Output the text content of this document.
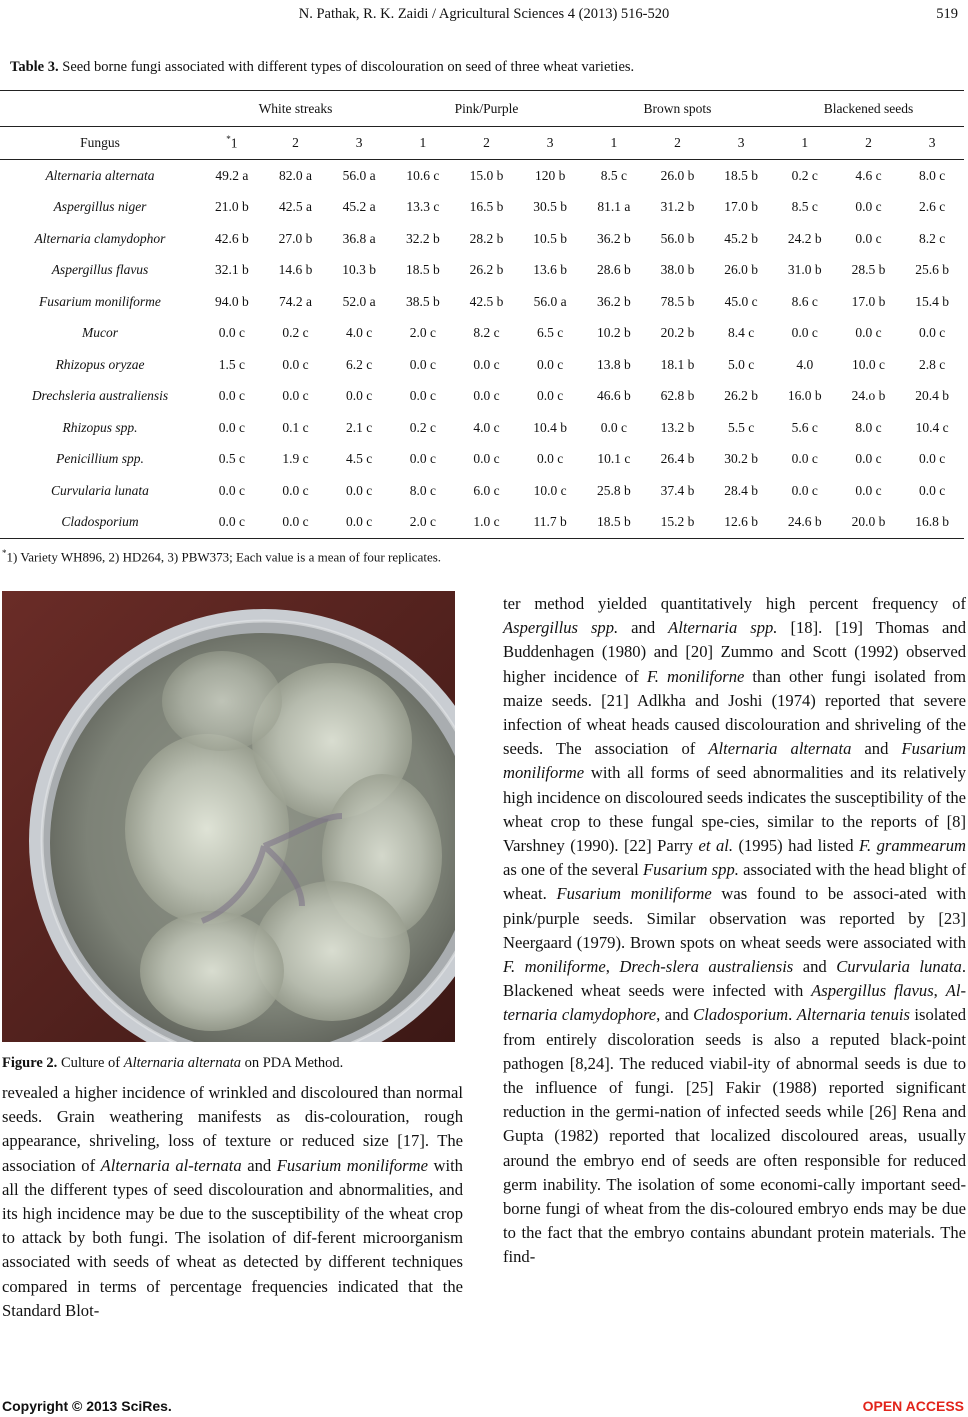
N. Pathak, R. K. Zaidi / Agricultural Sciences 4 (2013) 516-520	519
Table 3. Seed borne fungi associated with different types of discolouration on seed of three wheat varieties.
	White streaks			Pink/Purple			Brown spots			Blackened seeds		
Fungus	*1	2	3	1	2	3	1	2	3	1	2	3
Alternaria alternata	49.2 a	82.0 a	56.0 a	10.6 c	15.0 b	120 b	8.5 c	26.0 b	18.5 b	0.2 c	4.6 c	8.0 c
Aspergillus niger	21.0 b	42.5 a	45.2 a	13.3 c	16.5 b	30.5 b	81.1 a	31.2 b	17.0 b	8.5 c	0.0 c	2.6 c
Alternaria clamydophor	42.6 b	27.0 b	36.8 a	32.2 b	28.2 b	10.5 b	36.2 b	56.0 b	45.2 b	24.2 b	0.0 c	8.2 c
Aspergillus flavus	32.1 b	14.6 b	10.3 b	18.5 b	26.2 b	13.6 b	28.6 b	38.0 b	26.0 b	31.0 b	28.5 b	25.6 b
Fusarium moniliforme	94.0 b	74.2 a	52.0 a	38.5 b	42.5 b	56.0 a	36.2 b	78.5 b	45.0 c	8.6 c	17.0 b	15.4 b
Mucor	0.0 c	0.2 c	4.0 c	2.0 c	8.2 c	6.5 c	10.2 b	20.2 b	8.4 c	0.0 c	0.0 c	0.0 c
Rhizopus oryzae	1.5 c	0.0 c	6.2 c	0.0 c	0.0 c	0.0 c	13.8 b	18.1 b	5.0 c	4.0	10.0 c	2.8 c
Drechsleria australiensis	0.0 c	0.0 c	0.0 c	0.0 c	0.0 c	0.0 c	46.6 b	62.8 b	26.2 b	16.0 b	24.o b	20.4 b
Rhizopus spp.	0.0 c	0.1 c	2.1 c	0.2 c	4.0 c	10.4 b	0.0 c	13.2 b	5.5 c	5.6 c	8.0 c	10.4 c
Penicillium spp.	0.5 c	1.9 c	4.5 c	0.0 c	0.0 c	0.0 c	10.1 c	26.4 b	30.2 b	0.0 c	0.0 c	0.0 c
Curvularia lunata	0.0 c	0.0 c	0.0 c	8.0 c	6.0 c	10.0 c	25.8 b	37.4 b	28.4 b	0.0 c	0.0 c	0.0 c
Cladosporium	0.0 c	0.0 c	0.0 c	2.0 c	1.0 c	11.7 b	18.5 b	15.2 b	12.6 b	24.6 b	20.0 b	16.8 b
*1) Variety WH896, 2) HD264, 3) PBW373; Each value is a mean of four replicates.
Figure 2. Culture of Alternaria alternata on PDA Method.

revealed a higher incidence of wrinkled and discoloured than normal seeds. Grain weathering manifests as dis-colouration, rough appearance, shriveling, loss of texture or reduced size [17]. The association of Alternaria al-ternata and Fusarium moniliforme with all the different types of seed discolouration and abnormalities, and its high incidence may be due to the susceptibility of the wheat crop to attack by both fungi. The isolation of dif-ferent microorganism associated with seeds of wheat as detected by different techniques compared in terms of percentage frequencies indicated that the Standard Blot-

ter method yielded quantitatively high percent frequency of Aspergillus spp. and Alternaria spp. [18]. [19] Thomas and Buddenhagen (1980) and [20] Zummo and Scott (1992) observed higher incidence of F. moniliforne than other fungi isolated from maize seeds. [21] Adlkha and Joshi (1974) reported that severe infection of wheat heads caused discolouration and shriveling of the seeds. The association of Alternaria alternata and Fusarium moniliforme with all forms of seed abnormalities and its relatively high incidence on discoloured seeds indicates the susceptibility of the wheat crop to these fungal spe-cies, similar to the reports of [8] Varshney (1990). [22] Parry et al. (1995) had listed F. grammearum as one of the several Fusarium spp. associated with the head blight of wheat. Fusarium moniliforme was found to be associ-ated with pink/purple seeds. Similar observation was reported by [23] Neergaard (1979). Brown spots on wheat seeds were associated with F. moniliforme, Drech-slera australiensis and Curvularia lunata. Blackened wheat seeds were infected with Aspergillus flavus, Al-ternaria clamydophore, and Cladosporium. Alternaria tenuis isolated from entirely discoloration seeds is also a reputed black-point pathogen [8,24]. The reduced viabil-ity of abnormal seeds is due to the influence of fungi. [25] Fakir (1988) reported significant reduction in the germi-nation of infected seeds while [26] Rena and Gupta (1982) reported that localized discoloured areas, usually around the embryo end of seeds are often responsible for reduced germ inability. The isolation of some economi-cally important seed-borne fungi of wheat from the dis-coloured embryo ends may be due to the fact that the embryo contains abundant protein materials. The find-

Copyright © 2013 SciRes.	OPEN ACCESS
